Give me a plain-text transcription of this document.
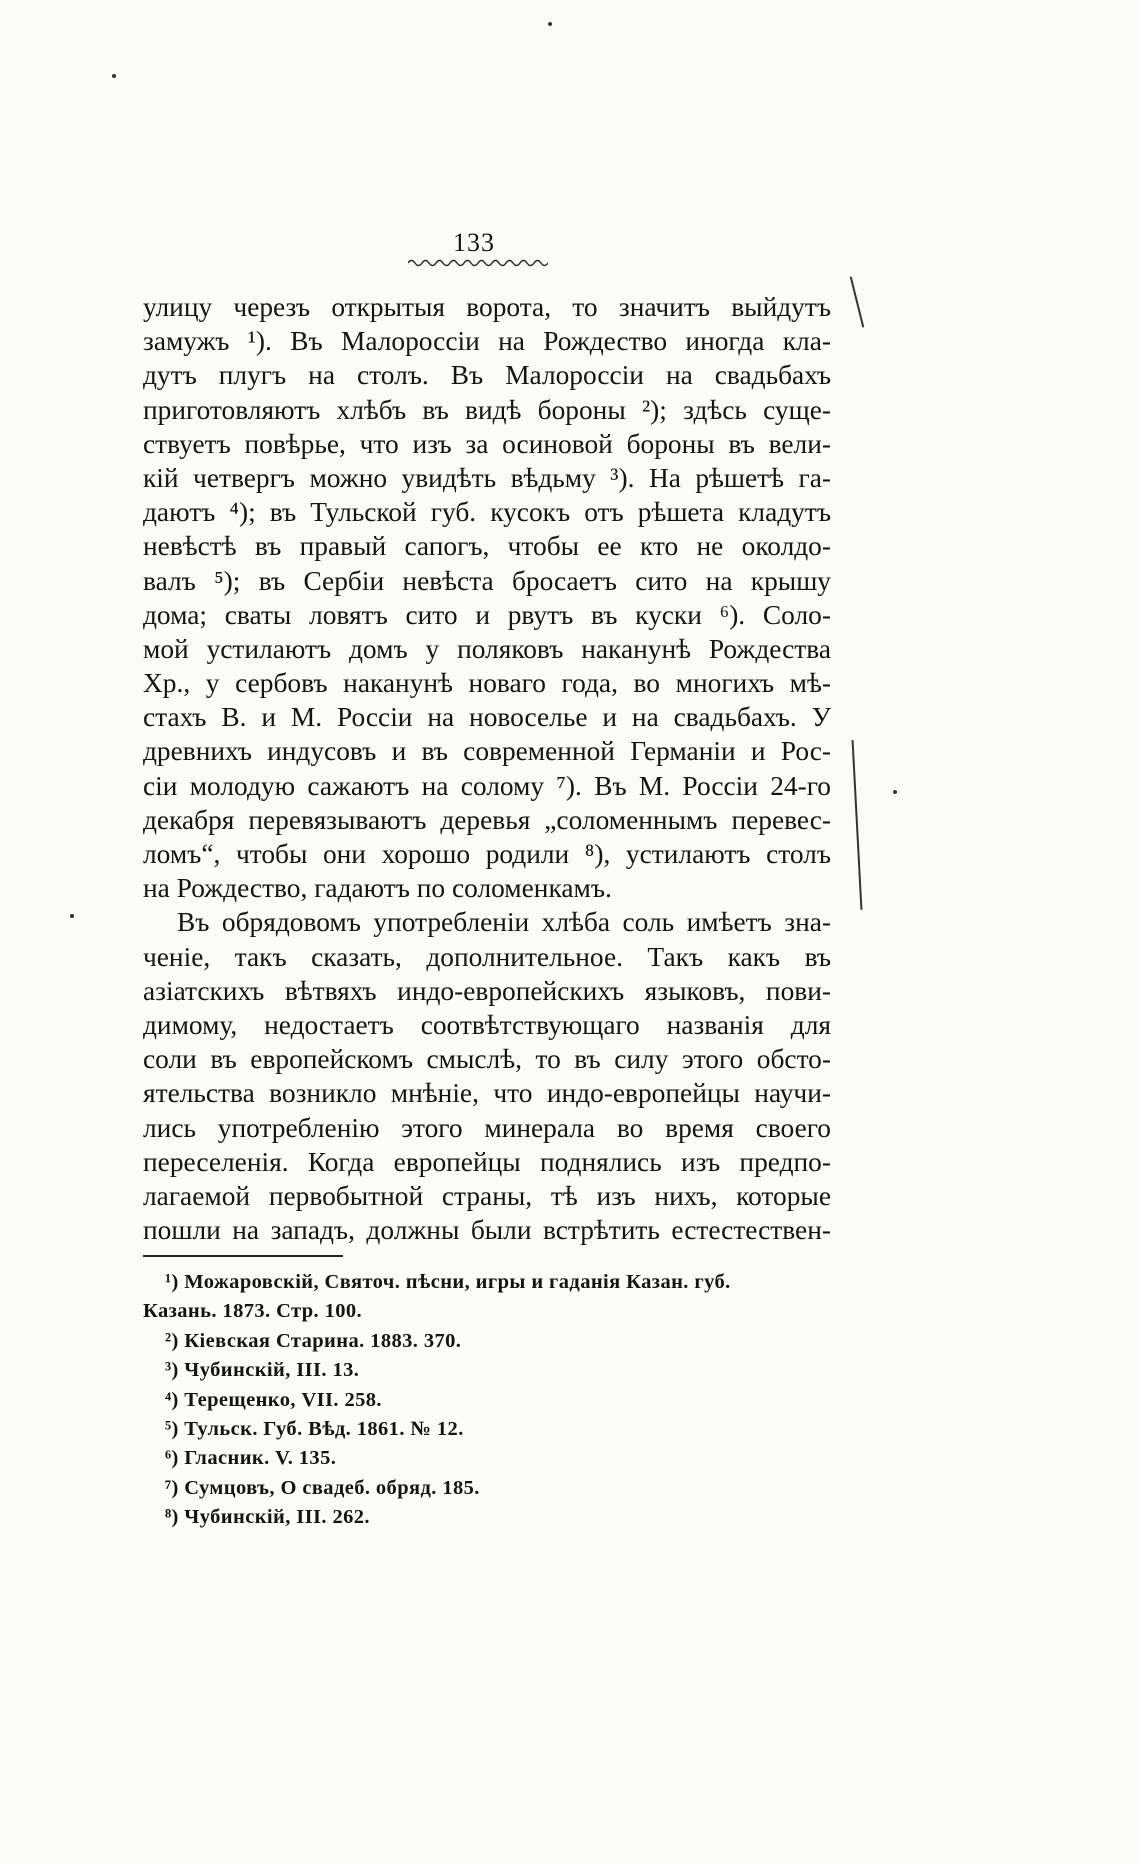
133
улицу черезъ открытыя ворота, то значитъ выйдутъ
замужъ ¹). Въ Малороссіи на Рождество иногда кла-
дутъ плугъ на столъ. Въ Малороссіи на свадьбахъ
приготовляютъ хлѣбъ въ видѣ бороны ²); здѣсь суще-
ствуетъ повѣрье, что изъ за осиновой бороны въ вели-
кій четвергъ можно увидѣть вѣдьму ³). На рѣшетѣ га-
даютъ ⁴); въ Тульской губ. кусокъ отъ рѣшета кладутъ
невѣстѣ въ правый сапогъ, чтобы ее кто не околдо-
валъ ⁵); въ Сербіи невѣста бросаетъ сито на крышу
дома; сваты ловятъ сито и рвутъ въ куски ⁶). Соло-
мой устилаютъ домъ у поляковъ наканунѣ Рождества
Хр., у сербовъ наканунѣ новаго года, во многихъ мѣ-
стахъ В. и М. Россіи на новоселье и на свадьбахъ. У
древнихъ индусовъ и въ современной Германіи и Рос-
сіи молодую сажаютъ на солому ⁷). Въ М. Россіи 24-го
декабря перевязываютъ деревья „соломеннымъ перевес-
ломъ“, чтобы они хорошо родили ⁸), устилаютъ столъ
на Рождество, гадаютъ по соломенкамъ.
Въ обрядовомъ употребленіи хлѣба соль имѣетъ зна-
ченіе, такъ сказать, дополнительное. Такъ какъ въ
азіатскихъ вѣтвяхъ индо-европейскихъ языковъ, пови-
димому, недостаетъ соотвѣтствующаго названія для
соли въ европейскомъ смыслѣ, то въ силу этого обсто-
ятельства возникло мнѣніе, что индо-европейцы научи-
лись употребленію этого минерала во время своего
переселенія. Когда европейцы поднялись изъ предпо-
лагаемой первобытной страны, тѣ изъ нихъ, которые
пошли на западъ, должны были встрѣтить естестествен-
¹) Можаровскій, Святоч. пѣсни, игры и гаданія Казан. губ.
Казань. 1873. Стр. 100.
²) Кіевская Старина. 1883. 370.
³) Чубинскій, III. 13.
⁴) Терещенко, VII. 258.
⁵) Тульск. Губ. Вѣд. 1861. № 12.
⁶) Гласник. V. 135.
⁷) Сумцовъ, О свадеб. обряд. 185.
⁸) Чубинскій, III. 262.
